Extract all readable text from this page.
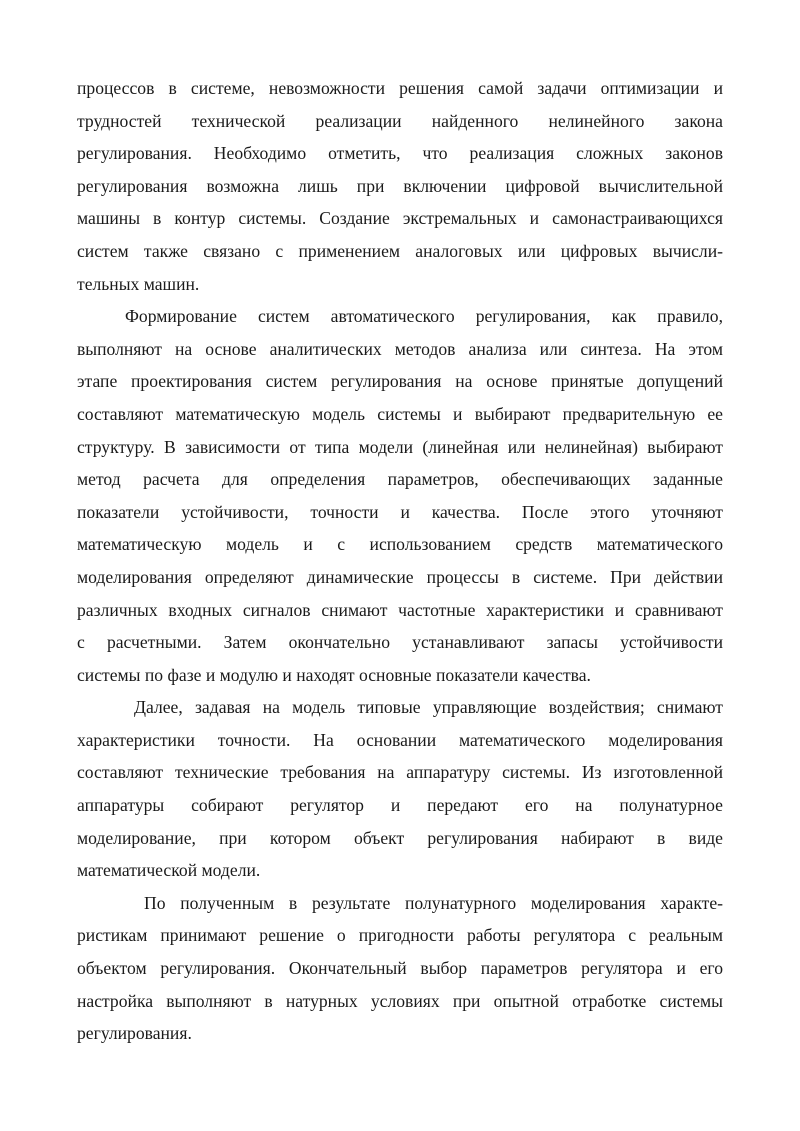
процессов в системе, невозможности решения самой задачи оптимизации и
трудностей технической реализации найденного нелинейного закона
регулирования. Необходимо отметить, что реализация сложных законов
регулирования возможна лишь при включении цифровой вычислительной
машины в контур системы. Создание экстремальных и самонастраивающихся
систем также связано с применением аналоговых или цифровых вычисли-
тельных машин.
Формирование систем автоматического регулирования, как правило,
выполняют на основе аналитических методов анализа или синтеза. На этом
этапе проектирования систем регулирования на основе принятые допущений
составляют математическую модель системы и выбирают предварительную ее
структуру. В зависимости от типа модели (линейная или нелинейная) выбирают
метод расчета для определения параметров, обеспечивающих заданные
показатели устойчивости, точности и качества. После этого уточняют
математическую модель и с использованием средств математического
моделирования определяют динамические процессы в системе. При действии
различных входных сигналов снимают частотные характеристики и сравнивают
с расчетными. Затем окончательно устанавливают запасы устойчивости
системы по фазе и модулю и находят основные показатели качества.
Далее, задавая на модель типовые управляющие воздействия; снимают
характеристики точности. На основании математического моделирования
составляют технические требования на аппаратуру системы. Из изготовленной
аппаратуры собирают регулятор и передают его на полунатурное
моделирование, при котором объект регулирования набирают в виде
математической модели.
По полученным в результате полунатурного моделирования характе-
ристикам принимают решение о пригодности работы регулятора с реальным
объектом регулирования. Окончательный выбор параметров регулятора и его
настройка выполняют в натурных условиях при опытной отработке системы
регулирования.
